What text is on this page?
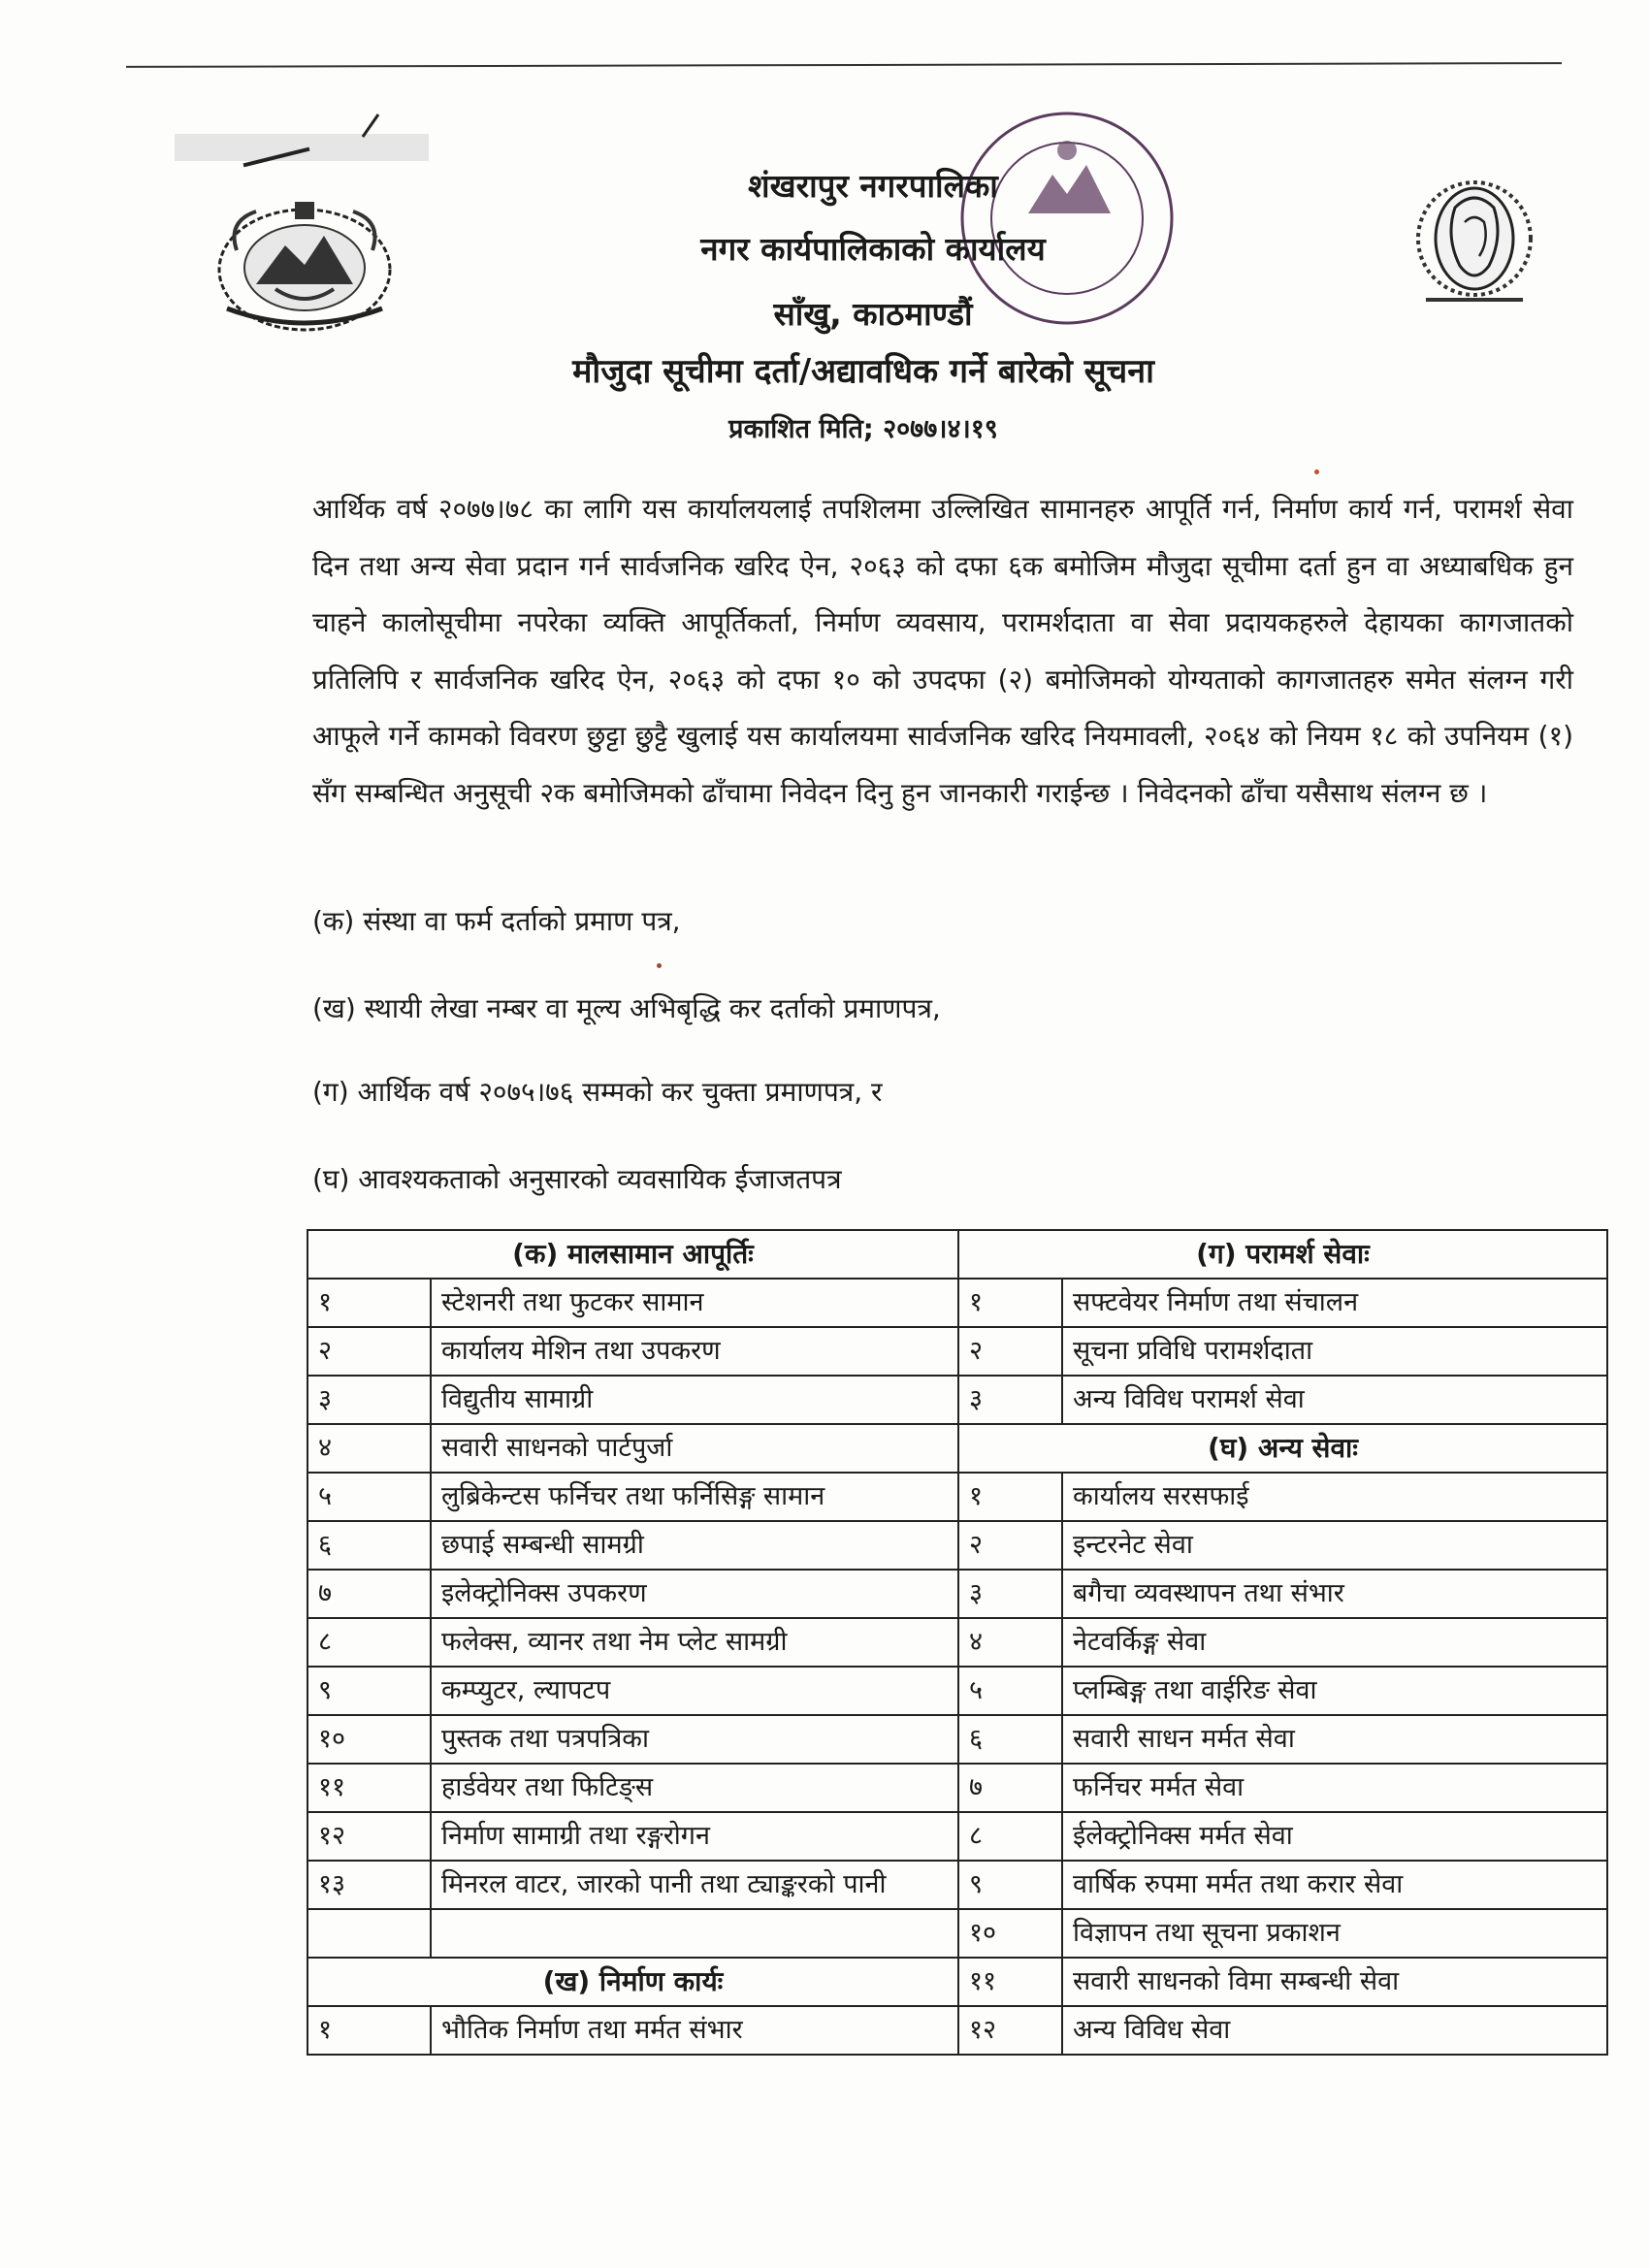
शंखरापुर नगरपालिका
नगर कार्यपालिकाको कार्यालय
साँखु, काठमाण्डौं
मौजुदा सूचीमा दर्ता/अद्यावधिक गर्ने बारेको सूचना
प्रकाशित मिति; २०७७।४।१९
आर्थिक वर्ष २०७७।७८ का लागि यस कार्यालयलाई तपशिलमा उल्लिखित सामानहरु आपूर्ति गर्न, निर्माण कार्य गर्न, परामर्श सेवा दिन तथा अन्य सेवा प्रदान गर्न सार्वजनिक खरिद ऐन, २०६३ को दफा ६क बमोजिम मौजुदा सूचीमा दर्ता हुन वा अध्याबधिक हुन चाहने कालोसूचीमा नपरेका व्यक्ति आपूर्तिकर्ता, निर्माण व्यवसाय, परामर्शदाता वा सेवा प्रदायकहरुले देहायका कागजातको प्रतिलिपि र सार्वजनिक खरिद ऐन, २०६३ को दफा १० को उपदफा (२) बमोजिमको योग्यताको कागजातहरु समेत संलग्न गरी आफूले गर्ने कामको विवरण छुट्टा छुट्टै खुलाई यस कार्यालयमा सार्वजनिक खरिद नियमावली, २०६४ को नियम १८ को उपनियम (१) सँग सम्बन्धित अनुसूची २क बमोजिमको ढाँचामा निवेदन दिनु हुन जानकारी गराईन्छ । निवेदनको ढाँचा यसैसाथ संलग्न छ ।
(क) संस्था वा फर्म दर्ताको प्रमाण पत्र,
(ख) स्थायी लेखा नम्बर वा मूल्य अभिबृद्धि कर दर्ताको प्रमाणपत्र,
(ग) आर्थिक वर्ष २०७५।७६ सम्मको कर चुक्ता प्रमाणपत्र, र
(घ) आवश्यकताको अनुसारको व्यवसायिक ईजाजतपत्र
(क) मालसामान आपूर्तिः		(ग) परामर्श सेवाः	
१	स्टेशनरी तथा फुटकर सामान	१	सफ्टवेयर निर्माण तथा संचालन
२	कार्यालय मेशिन तथा उपकरण	२	सूचना प्रविधि परामर्शदाता
३	विद्युतीय सामाग्री	३	अन्य विविध परामर्श सेवा
४	सवारी साधनको पार्टपुर्जा	(घ) अन्य सेवाः	
५	लुब्रिकेन्टस फर्निचर तथा फर्निसिङ्ग सामान	१	कार्यालय सरसफाई
६	छपाई सम्बन्धी सामग्री	२	इन्टरनेट सेवा
७	इलेक्ट्रोनिक्स उपकरण	३	बगैचा व्यवस्थापन तथा संभार
८	फलेक्स, व्यानर तथा नेम प्लेट सामग्री	४	नेटवर्किङ्ग सेवा
९	कम्प्युटर, ल्यापटप	५	प्लम्बिङ्ग तथा वाईरिङ सेवा
१०	पुस्तक तथा पत्रपत्रिका	६	सवारी साधन मर्मत सेवा
११	हार्डवेयर तथा फिटिङ्स	७	फर्निचर मर्मत सेवा
१२	निर्माण सामाग्री तथा रङ्गरोगन	८	ईलेक्ट्रोनिक्स मर्मत सेवा
१३	मिनरल वाटर, जारको पानी तथा ट्याङ्करको पानी	९	वार्षिक रुपमा मर्मत तथा करार सेवा
		१०	विज्ञापन तथा सूचना प्रकाशन
(ख) निर्माण कार्यः		११	सवारी साधनको विमा सम्बन्धी सेवा
१	भौतिक निर्माण तथा मर्मत संभार	१२	अन्य विविध सेवा
